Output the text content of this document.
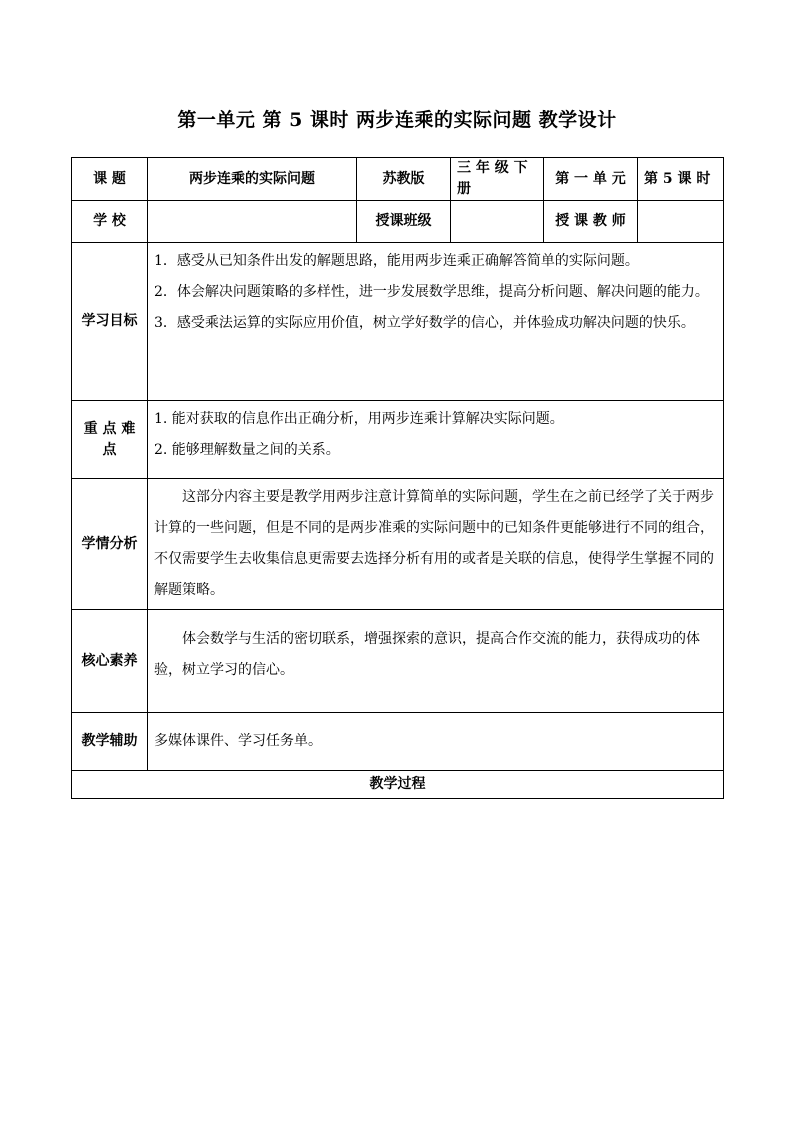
第一单元 第 5 课时 两步连乘的实际问题 教学设计
课 题	两步连乘的实际问题	苏教版	三 年 级 下 册	第 一 单 元	第 5 课 时
学 校		授课班级		授 课 教 师	
学习目标	1．感受从已知条件出发的解题思路，能用两步连乘正确解答简单的实际问题。

2．体会解决问题策略的多样性，进一步发展数学思维，提高分析问题、解决问题的能力。

3．感受乘法运算的实际应用价值，树立学好数学的信心，并体验成功解决问题的快乐。				

重 点 难 点	1. 能对获取的信息作出正确分析，用两步连乘计算解决实际问题。

2. 能够理解数量之间的关系。				

学情分析	这部分内容主要是教学用两步注意计算简单的实际问题，学生在之前已经学了关于两步计算的一些问题，但是不同的是两步准乘的实际问题中的已知条件更能够进行不同的组合，不仅需要学生去收集信息更需要去选择分析有用的或者是关联的信息，使得学生掌握不同的解题策略。				

核心素养	体会数学与生活的密切联系，增强探索的意识，提高合作交流的能力，获得成功的体验，树立学习的信心。				

教学辅助	多媒体课件、学习任务单。				
教学过程					
